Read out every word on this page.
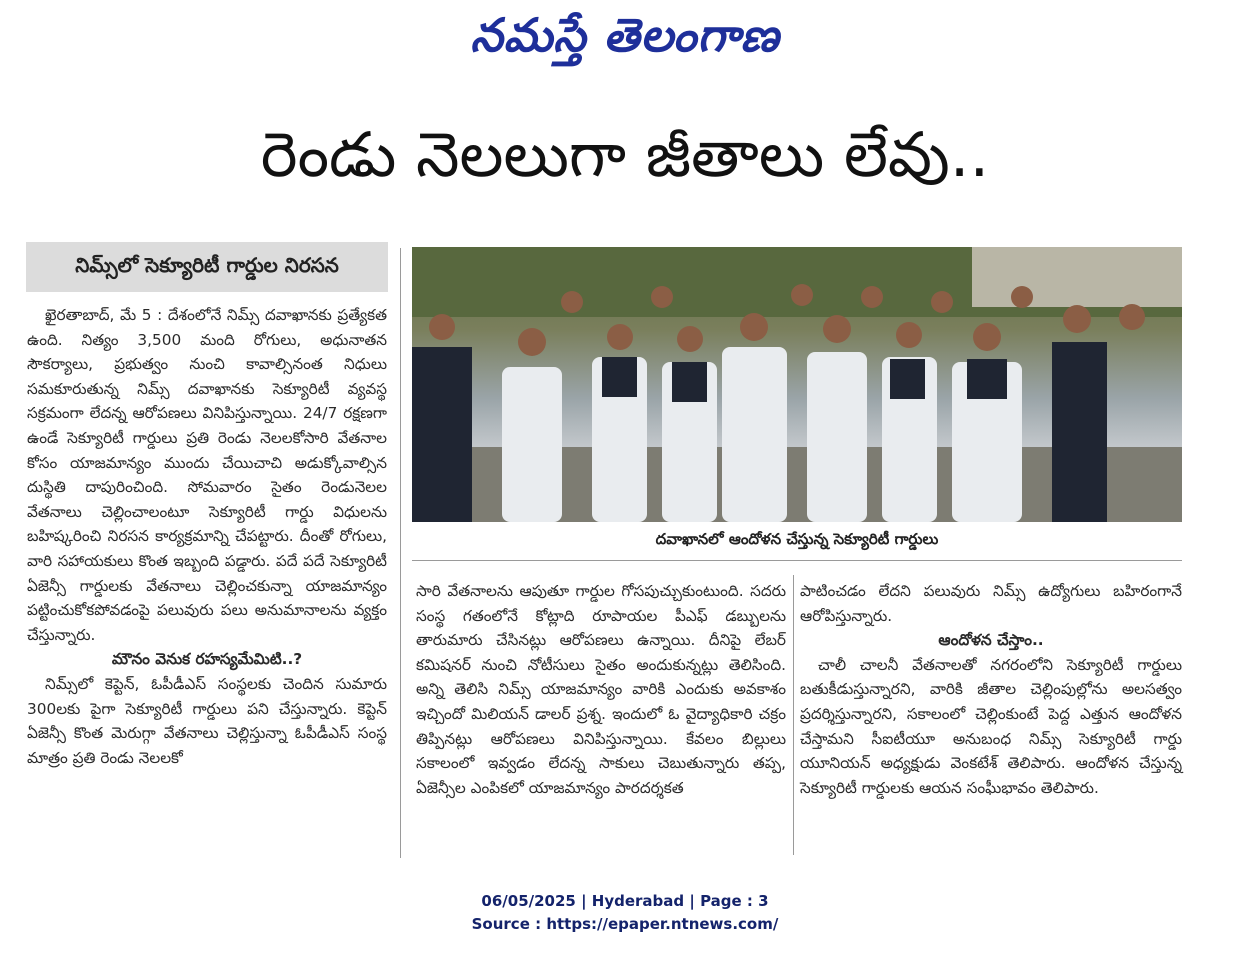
నమస్తే తెలంగాణ
రెండు నెలలుగా జీతాలు లేవు..
నిమ్స్‌లో సెక్యూరిటీ గార్డుల నిరసన

ఖైరతాబాద్, మే 5 : దేశంలోనే నిమ్స్ దవాఖానకు ప్రత్యేకత ఉంది. నిత్యం 3,500 మంది రోగులు, అధునాతన సౌకర్యాలు, ప్రభుత్వం నుంచి కావాల్సినంత నిధులు సమకూరుతున్న నిమ్స్ దవాఖానకు సెక్యూరిటీ వ్యవస్థ సక్రమంగా లేదన్న ఆరోపణలు వినిపిస్తున్నాయి. 24/7 రక్షణగా ఉండే సెక్యూరిటీ గార్డులు ప్రతి రెండు నెలలకోసారి వేతనాల కోసం యాజమాన్యం ముందు చేయిచాచి అడుక్కోవాల్సిన దుస్థితి దాపురించింది. సోమవారం సైతం రెండునెలల వేతనాలు చెల్లించాలంటూ సెక్యూరిటీ గార్డు విధులను బహిష్కరించి నిరసన కార్యక్రమాన్ని చేపట్టారు. దీంతో రోగులు, వారి సహాయకులు కొంత ఇబ్బంది పడ్డారు. పదే పదే సెక్యూరిటీ ఏజెన్సీ గార్డులకు వేతనాలు చెల్లించకున్నా యాజమాన్యం పట్టించుకోకపోవడంపై పలువురు పలు అనుమానాలను వ్యక్తం చేస్తున్నారు.

మౌనం వెనుక రహస్యమేమిటి..?

నిమ్స్‌లో కెప్టెన్, ఓపీడీఎస్ సంస్థలకు చెందిన సుమారు 300లకు పైగా సెక్యూరిటీ గార్డులు పని చేస్తున్నారు. కెప్టెన్ ఏజెన్సీ కొంత మెరుగ్గా వేతనాలు చెల్లిస్తున్నా ఓపీడీఎస్ సంస్థ మాత్రం ప్రతి రెండు నెలలకో

దవాఖానలో ఆందోళన చేస్తున్న సెక్యూరిటీ గార్డులు

సారి వేతనాలను ఆపుతూ గార్డుల గోసపుచ్చుకుంటుంది. సదరు సంస్థ గతంలోనే కోట్లాది రూపాయల పీఎఫ్ డబ్బులను తారుమారు చేసినట్లు ఆరోపణలు ఉన్నాయి. దీనిపై లేబర్ కమిషనర్ నుంచి నోటీసులు సైతం అందుకున్నట్లు తెలిసింది. అన్ని తెలిసి నిమ్స్ యాజమాన్యం వారికి ఎందుకు అవకాశం ఇచ్చిందో మిలియన్ డాలర్ ప్రశ్న. ఇందులో ఓ వైద్యాధికారి చక్రం తిప్పినట్లు ఆరోపణలు వినిపిస్తున్నాయి. కేవలం బిల్లులు సకాలంలో ఇవ్వడం లేదన్న సాకులు చెబుతున్నారు తప్ప, ఏజెన్సీల ఎంపికలో యాజమాన్యం పారదర్శకత

పాటించడం లేదని పలువురు నిమ్స్ ఉద్యోగులు బహిరంగానే ఆరోపిస్తున్నారు.

ఆందోళన చేస్తాం..

చాలీ చాలనీ వేతనాలతో నగరంలోని సెక్యూరిటీ గార్డులు బతుకీడుస్తున్నారని, వారికి జీతాల చెల్లింపుల్లోను అలసత్వం ప్రదర్శిస్తున్నారని, సకాలంలో చెల్లింకుంటే పెద్ద ఎత్తున ఆందోళన చేస్తామని సీఐటీయూ అనుబంధ నిమ్స్ సెక్యూరిటీ గార్డు యూనియన్ అధ్యక్షుడు వెంకటేశ్ తెలిపారు. ఆందోళన చేస్తున్న సెక్యూరిటీ గార్డులకు ఆయన సంఘీభావం తెలిపారు.

06/05/2025 | Hyderabad | Page : 3
Source : https://epaper.ntnews.com/
